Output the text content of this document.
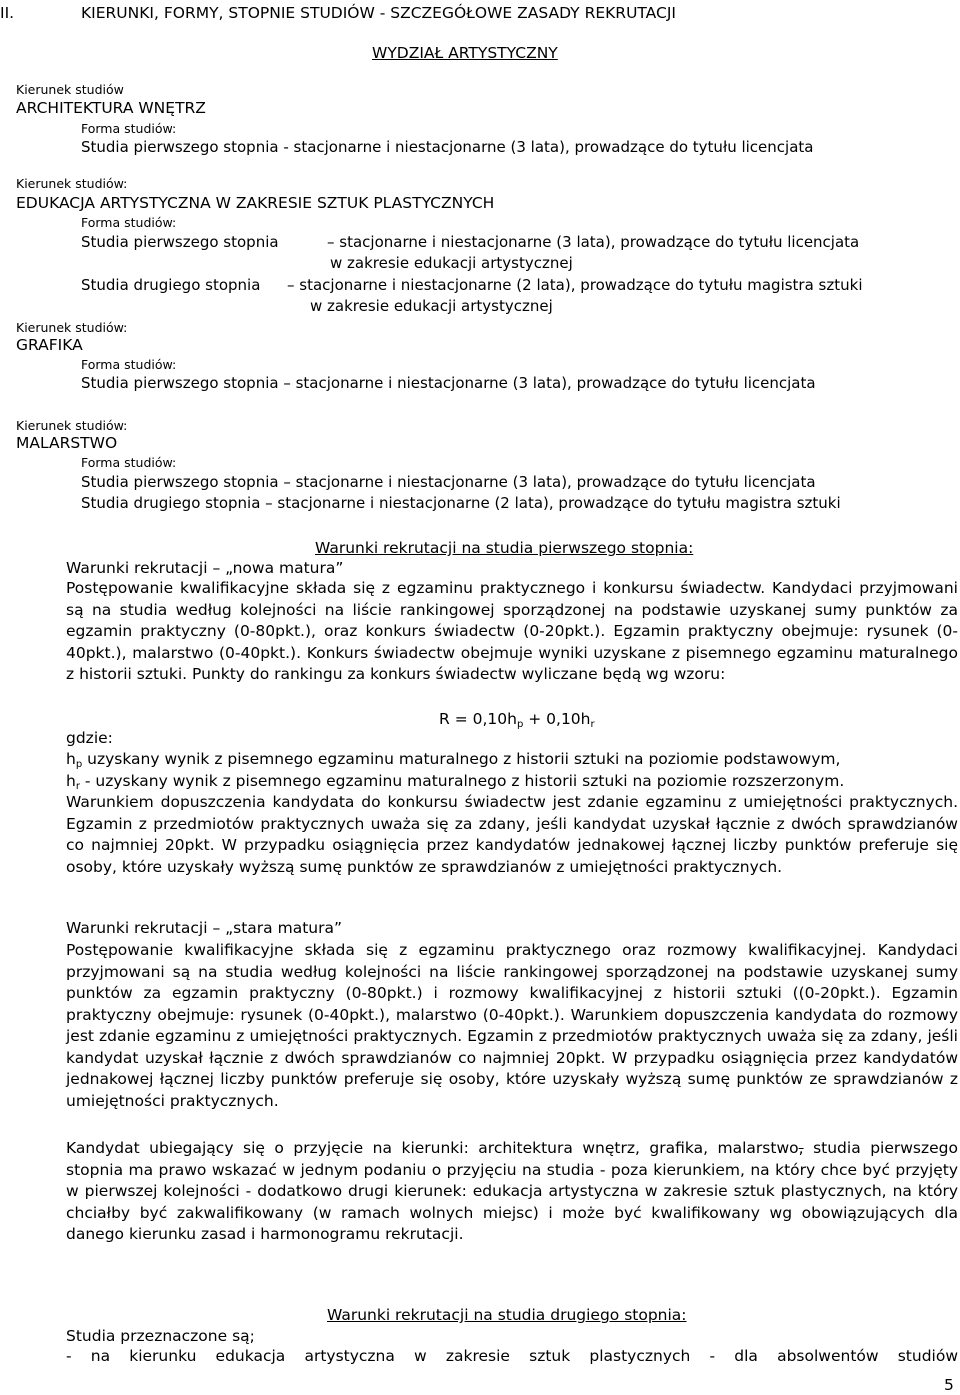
II.	KIERUNKI, FORMY, STOPNIE STUDIÓW - SZCZEGÓŁOWE ZASADY REKRUTACJI
WYDZIAŁ ARTYSTYCZNY
Kierunek studiów
ARCHITEKTURA WNĘTRZ
Forma studiów:
Studia pierwszego stopnia - stacjonarne i niestacjonarne (3 lata), prowadzące do tytułu licencjata
Kierunek studiów:
EDUKACJA ARTYSTYCZNA W ZAKRESIE SZTUK PLASTYCZNYCH
Forma studiów:
Studia pierwszego stopnia	– stacjonarne i niestacjonarne (3 lata), prowadzące do tytułu licencjata
w zakresie edukacji artystycznej
Studia drugiego stopnia – stacjonarne i niestacjonarne (2 lata), prowadzące do tytułu magistra sztuki
w zakresie edukacji artystycznej
Kierunek studiów:
GRAFIKA
Forma studiów:
Studia pierwszego stopnia – stacjonarne i niestacjonarne (3 lata), prowadzące do tytułu licencjata
Kierunek studiów:
MALARSTWO
Forma studiów:
Studia pierwszego stopnia – stacjonarne i niestacjonarne (3 lata), prowadzące do tytułu licencjata
Studia drugiego stopnia – stacjonarne i niestacjonarne (2 lata), prowadzące do tytułu magistra sztuki
Warunki rekrutacji na studia pierwszego stopnia:
Warunki rekrutacji – „nowa matura”

Postępowanie kwalifikacyjne składa się z egzaminu praktycznego i konkursu świadectw. Kandydaci przyjmowani są na studia według kolejności na liście rankingowej sporządzonej na podstawie uzyskanej sumy punktów za egzamin praktyczny (0-80pkt.), oraz konkurs świadectw (0-20pkt.). Egzamin praktyczny obejmuje: rysunek (0-40pkt.), malarstwo (0-40pkt.). Konkurs świadectw obejmuje wyniki uzyskane z pisemnego egzaminu maturalnego z historii sztuki. Punkty do rankingu za konkurs świadectw wyliczane będą wg wzoru:

$R = 0,10h_p + 0,10h_r$
gdzie:
$h_p$ uzyskany wynik z pisemnego egzaminu maturalnego z historii sztuki na poziomie podstawowym,
$h_r$ - uzyskany wynik z pisemnego egzaminu maturalnego z historii sztuki na poziomie rozszerzonym.

Warunkiem dopuszczenia kandydata do konkursu świadectw jest zdanie egzaminu z umiejętności praktycznych. Egzamin z przedmiotów praktycznych uważa się za zdany, jeśli kandydat uzyskał łącznie z dwóch sprawdzianów co najmniej 20pkt. W przypadku osiągnięcia przez kandydatów jednakowej łącznej liczby punktów preferuje się osoby, które uzyskały wyższą sumę punktów ze sprawdzianów z umiejętności praktycznych.

Warunki rekrutacji – „stara matura”

Postępowanie kwalifikacyjne składa się z egzaminu praktycznego oraz rozmowy kwalifikacyjnej. Kandydaci przyjmowani są na studia według kolejności na liście rankingowej sporządzonej na podstawie uzyskanej sumy punktów za egzamin praktyczny (0-80pkt.) i rozmowy kwalifikacyjnej z historii sztuki ((0-20pkt.). Egzamin praktyczny obejmuje: rysunek (0-40pkt.), malarstwo (0-40pkt.). Warunkiem dopuszczenia kandydata do rozmowy jest zdanie egzaminu z umiejętności praktycznych. Egzamin z przedmiotów praktycznych uważa się za zdany, jeśli kandydat uzyskał łącznie z dwóch sprawdzianów co najmniej 20pkt. W przypadku osiągnięcia przez kandydatów jednakowej łącznej liczby punktów preferuje się osoby, które uzyskały wyższą sumę punktów ze sprawdzianów z umiejętności praktycznych.

Kandydat ubiegający się o przyjęcie na kierunki: architektura wnętrz, grafika, malarstwo, studia pierwszego stopnia ma prawo wskazać w jednym podaniu o przyjęciu na studia - poza kierunkiem, na który chce być przyjęty w pierwszej kolejności - dodatkowo drugi kierunek: edukacja artystyczna w zakresie sztuk plastycznych, na który chciałby być zakwalifikowany (w ramach wolnych miejsc) i może być kwalifikowany wg obowiązujących dla danego kierunku zasad i harmonogramu rekrutacji.

Warunki rekrutacji na studia drugiego stopnia:
Studia przeznaczone są;
- na kierunku edukacja artystyczna w zakresie sztuk plastycznych - dla absolwentów studiów
5
